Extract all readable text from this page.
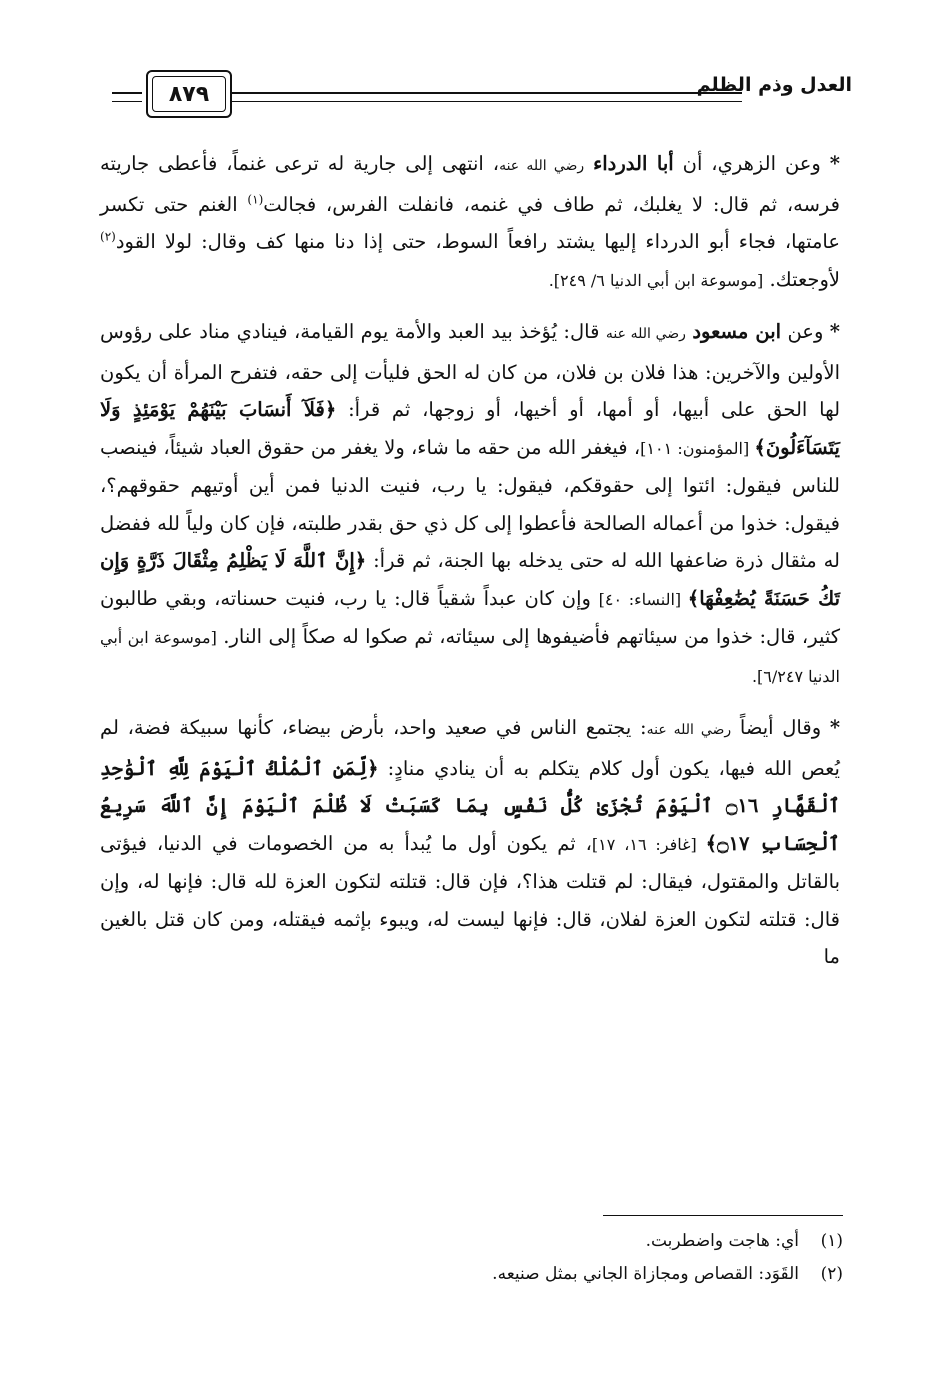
العدل وذم الظلم
٨٧٩

* وعن الزهري، أن أبا الدرداء رضي الله عنه، انتهى إلى جارية له ترعى غنماً، فأعطى جاريته فرسه، ثم قال: لا يغلبك، ثم طاف في غنمه، فانفلت الفرس، فجالت$^{(١)}$ الغنم حتى تكسر عامتها، فجاء أبو الدرداء إليها يشتد رافعاً السوط، حتى إذا دنا منها كف وقال: لولا القود$^{(٢)}$ لأوجعتك. [موسوعة ابن أبي الدنيا ٦/ ٢٤٩].

* وعن ابن مسعود رضي الله عنه قال: يُؤخذ بيد العبد والأمة يوم القيامة، فينادي مناد على رؤوس الأولين والآخرين: هذا فلان بن فلان، من كان له الحق فليأت إلى حقه، فتفرح المرأة أن يكون لها الحق على أبيها، أو أمها، أو أخيها، أو زوجها، ثم قرأ: ﴿فَلَآ أَنسَابَ بَيْنَهُمْ يَوْمَئِذٍ وَلَا يَتَسَآءَلُونَ﴾ [المؤمنون: ١٠١]، فيغفر الله من حقه ما شاء، ولا يغفر من حقوق العباد شيئاً، فينصب للناس فيقول: ائتوا إلى حقوقكم، فيقول: يا رب، فنيت الدنيا فمن أين أوتيهم حقوقهم؟، فيقول: خذوا من أعماله الصالحة فأعطوا إلى كل ذي حق بقدر طلبته، فإن كان ولياً لله ففضل له مثقال ذرة ضاعفها الله له حتى يدخله بها الجنة، ثم قرأ: ﴿إِنَّ ٱللَّهَ لَا يَظْلِمُ مِثْقَالَ ذَرَّةٍ وَإِن تَكُ حَسَنَةً يُضَٰعِفْهَا﴾ [النساء: ٤٠] وإن كان عبداً شقياً قال: يا رب، فنيت حسناته، وبقي طالبون كثير، قال: خذوا من سيئاتهم فأضيفوها إلى سيئاته، ثم صكوا له صكاً إلى النار. [موسوعة ابن أبي الدنيا ٦/٢٤٧].

* وقال أيضاً رضي الله عنه: يجتمع الناس في صعيد واحد، بأرض بيضاء، كأنها سبيكة فضة، لم يُعص الله فيها، يكون أول كلام يتكلم به أن ينادي منادٍ: ﴿لِّمَنِ ٱلْمُلْكُ ٱلْيَوْمَ لِلَّهِ ٱلْوَٰحِدِ ٱلْقَهَّارِ ۝١٦ ٱلْيَوْمَ تُجْزَىٰ كُلُّ نَفْسٍ بِمَا كَسَبَتْ لَا ظُلْمَ ٱلْيَوْمَ إِنَّ ٱللَّهَ سَرِيعُ ٱلْحِسَابِ ۝١٧﴾ [غافر: ١٦، ١٧]، ثم يكون أول ما يُبدأ به من الخصومات في الدنيا، فيؤتى بالقاتل والمقتول، فيقال: لم قتلت هذا؟، فإن قال: قتلته لتكون العزة لله قال: فإنها له، وإن قال: قتلته لتكون العزة لفلان، قال: فإنها ليست له، ويبوء بإثمه فيقتله، ومن كان قتل بالغين ما

(١)أي: هاجت واضطربت.
(٢)القَوَد: القصاص ومجازاة الجاني بمثل صنيعه.
